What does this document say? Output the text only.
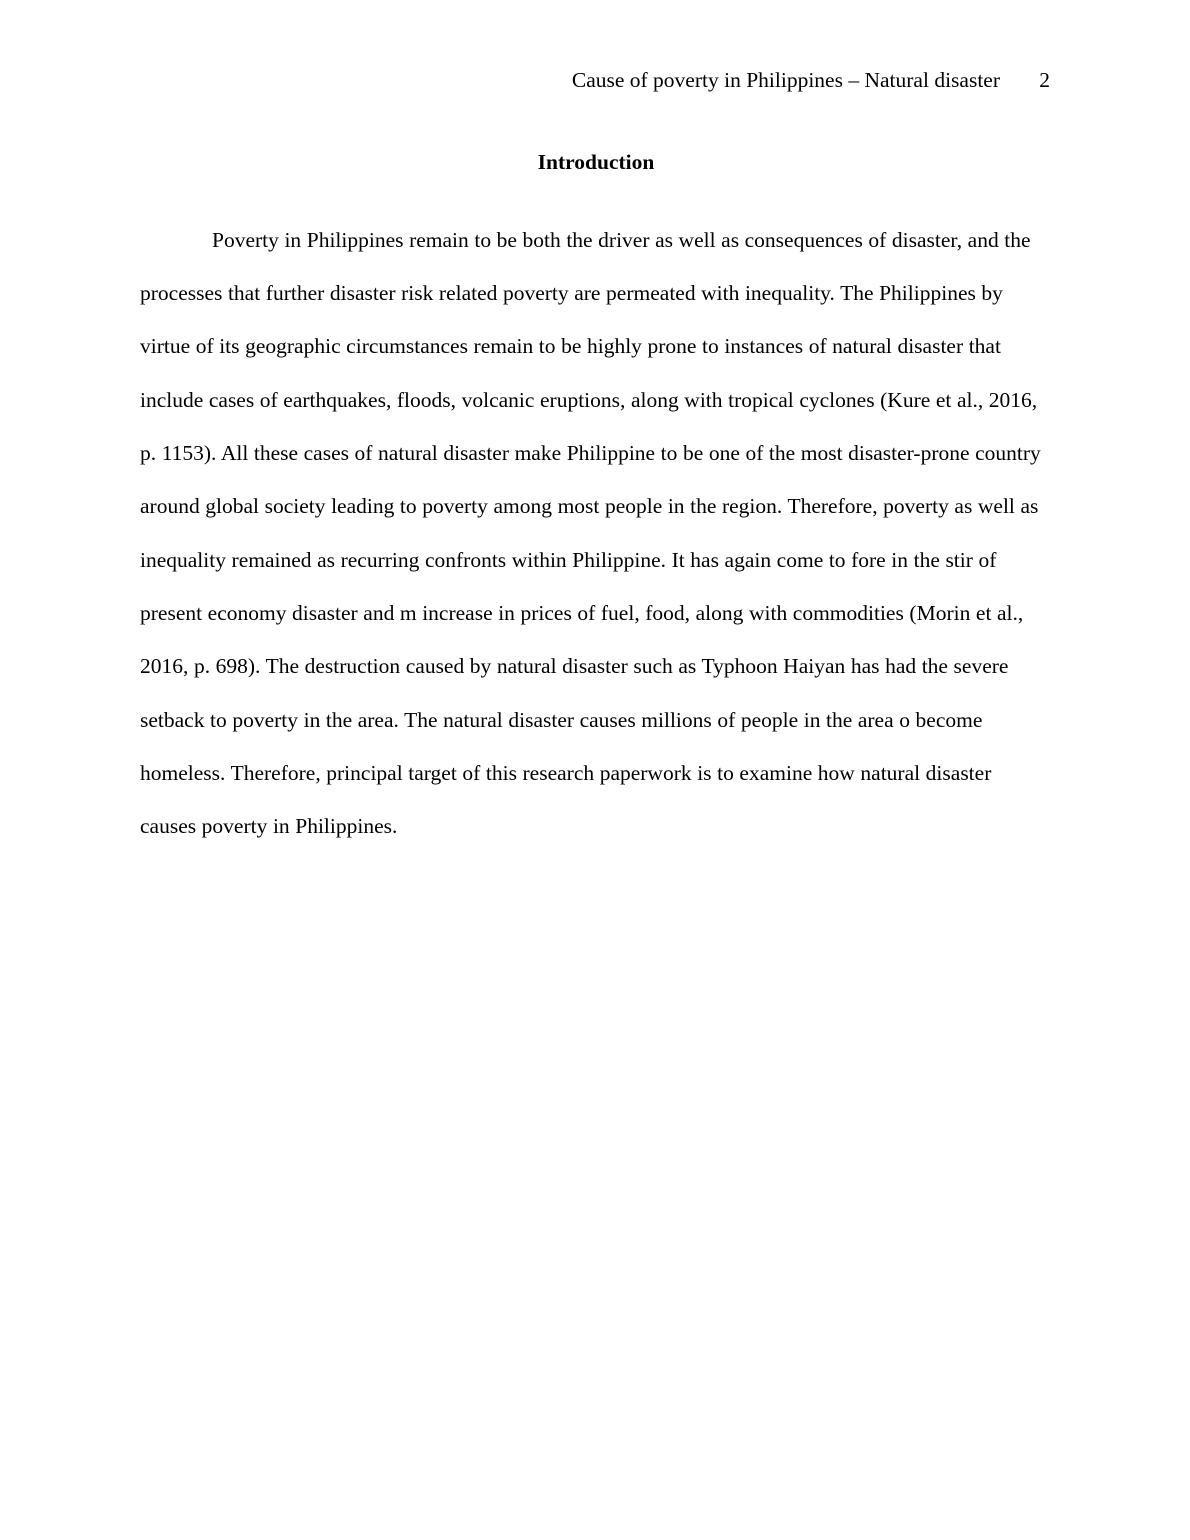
Cause of poverty in Philippines – Natural disaster 2
Introduction

Poverty in Philippines remain to be both the driver as well as consequences of disaster, and the processes that further disaster risk related poverty are permeated with inequality. The Philippines by virtue of its geographic circumstances remain to be highly prone to instances of natural disaster that include cases of earthquakes, floods, volcanic eruptions, along with tropical cyclones (Kure et al., 2016, p. 1153). All these cases of natural disaster make Philippine to be one of the most disaster-prone country around global society leading to poverty among most people in the region. Therefore, poverty as well as inequality remained as recurring confronts within Philippine. It has again come to fore in the stir of present economy disaster and m increase in prices of fuel, food, along with commodities (Morin et al., 2016, p. 698). The destruction caused by natural disaster such as Typhoon Haiyan has had the severe setback to poverty in the area. The natural disaster causes millions of people in the area o become homeless. Therefore, principal target of this research paperwork is to examine how natural disaster causes poverty in Philippines.
